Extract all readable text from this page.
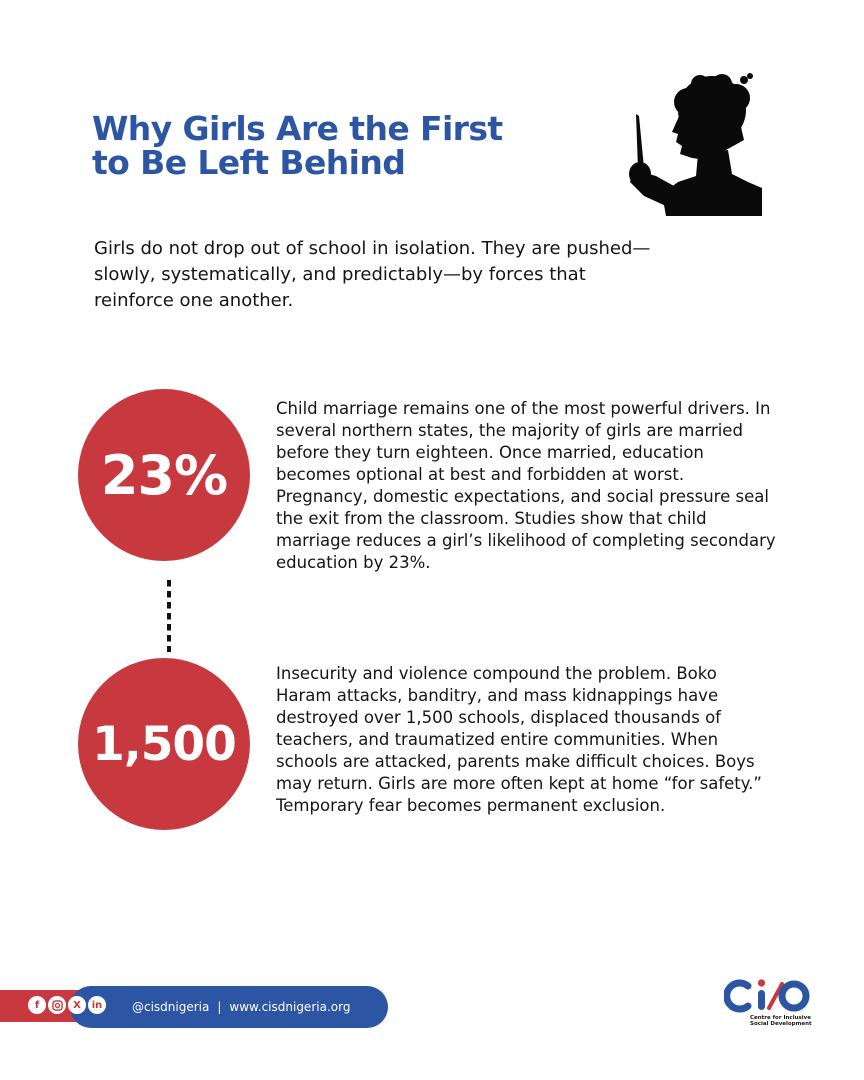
Why Girls Are the First
to Be Left Behind

Girls do not drop out of school in isolation. They are pushed—slowly, systematically, and predictably—by forces that reinforce one another.

23%

Child marriage remains one of the most powerful drivers. In several northern states, the majority of girls are married before they turn eighteen. Once married, education becomes optional at best and forbidden at worst. Pregnancy, domestic expectations, and social pressure seal the exit from the classroom. Studies show that child marriage reduces a girl’s likelihood of completing secondary education by 23%.

1,500

Insecurity and violence compound the problem. Boko Haram attacks, banditry, and mass kidnappings have destroyed over 1,500 schools, displaced thousands of teachers, and traumatized entire communities. When schools are attacked, parents make difficult choices. Boys may return. Girls are more often kept at home “for safety.” Temporary fear becomes permanent exclusion.

f	X	in	@cisdnigeria | www.cisdnigeria.org
Centre for Inclusive
Social Development
